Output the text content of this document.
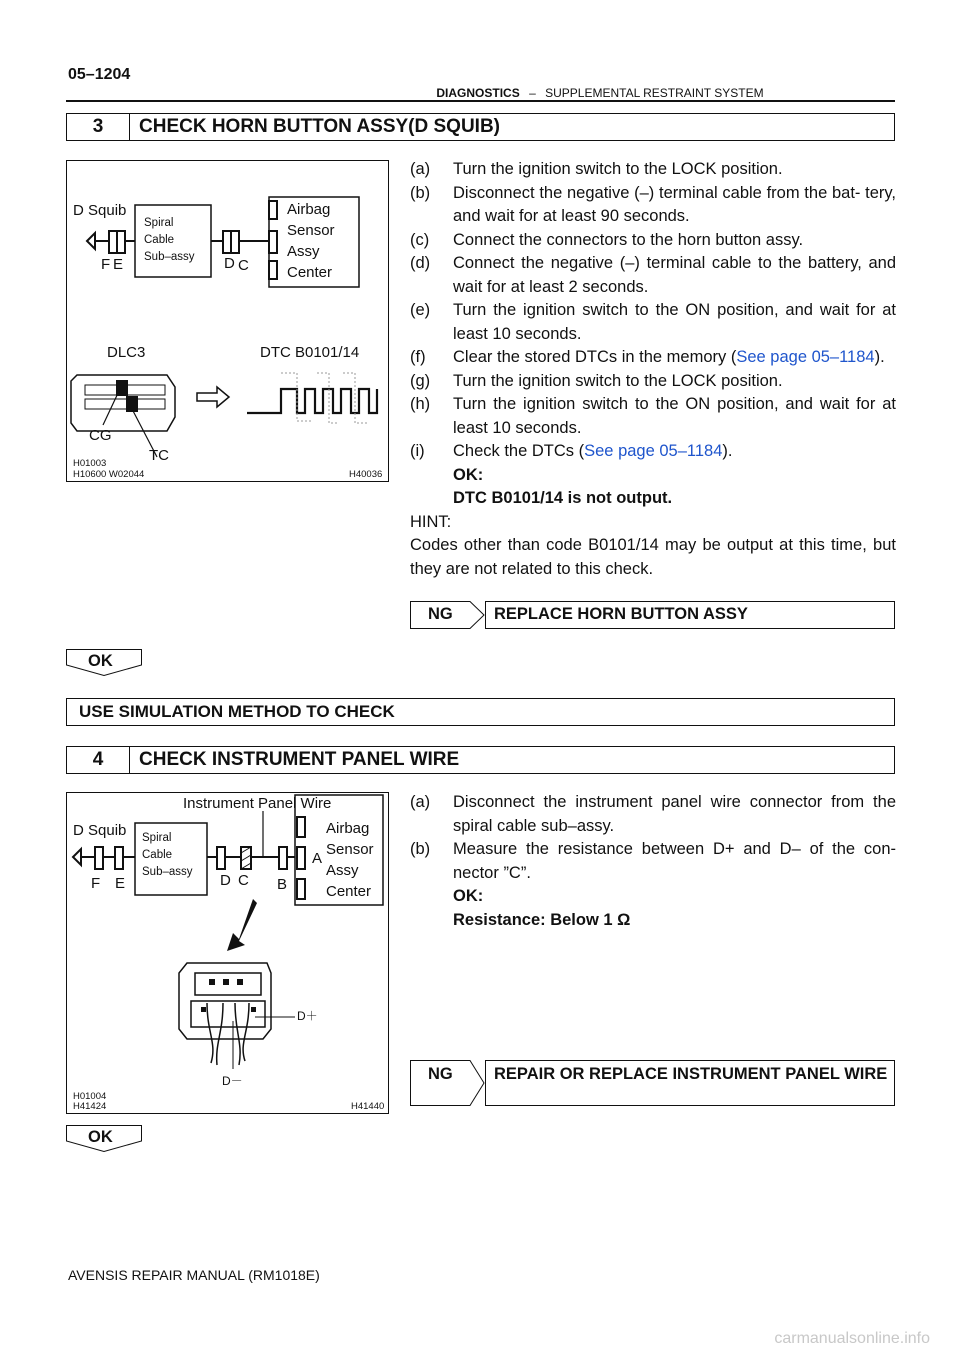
05–1204
DIAGNOSTICS – SUPPLEMENTAL RESTRAINT SYSTEM
3	CHECK HORN BUTTON ASSY(D SQUIB)
D Squib
Spiral
Cable
Sub–assy
Airbag
Sensor
Assy
Center
F E	D C
DLC3	DTC B0101/14
CG
TC
H01003
H10600 W02044	H40036
(a)	Turn the ignition switch to the LOCK position.
(b)	Disconnect the negative (–) terminal cable from the bat- tery, and wait for at least 90 seconds.
(c)	Connect the connectors to the horn button assy.
(d)	Connect the negative (–) terminal cable to the battery, and wait for at least 2 seconds.
(e)	Turn the ignition switch to the ON position, and wait for at least 10 seconds.
(f)	Clear the stored DTCs in the memory (See page 05–1184).
(g)	Turn the ignition switch to the LOCK position.
(h)	Turn the ignition switch to the ON position, and wait for at least 10 seconds.
(i)	Check the DTCs (See page 05–1184).
OK:
DTC B0101/14 is not output.
HINT:
Codes other than code B0101/14 may be output at this time, but they are not related to this check.
NG	REPLACE HORN BUTTON ASSY
OK
USE SIMULATION METHOD TO CHECK
4	CHECK INSTRUMENT PANEL WIRE
Instrument Panel Wire
D Squib Spiral
Cable
Sub–assy
Airbag
Sensor
Assy
Center
F E	D C B
A
D＋
D－
H01004
H41424	H41440
(a)	Disconnect the instrument panel wire connector from the spiral cable sub–assy.
(b)	Measure the resistance between D+ and D– of the con- nector ”C”.
OK:
Resistance: Below 1 Ω
NG	REPAIR OR REPLACE INSTRUMENT PANEL WIRE
OK
AVENSIS REPAIR MANUAL (RM1018E)
carmanualsonline.info
